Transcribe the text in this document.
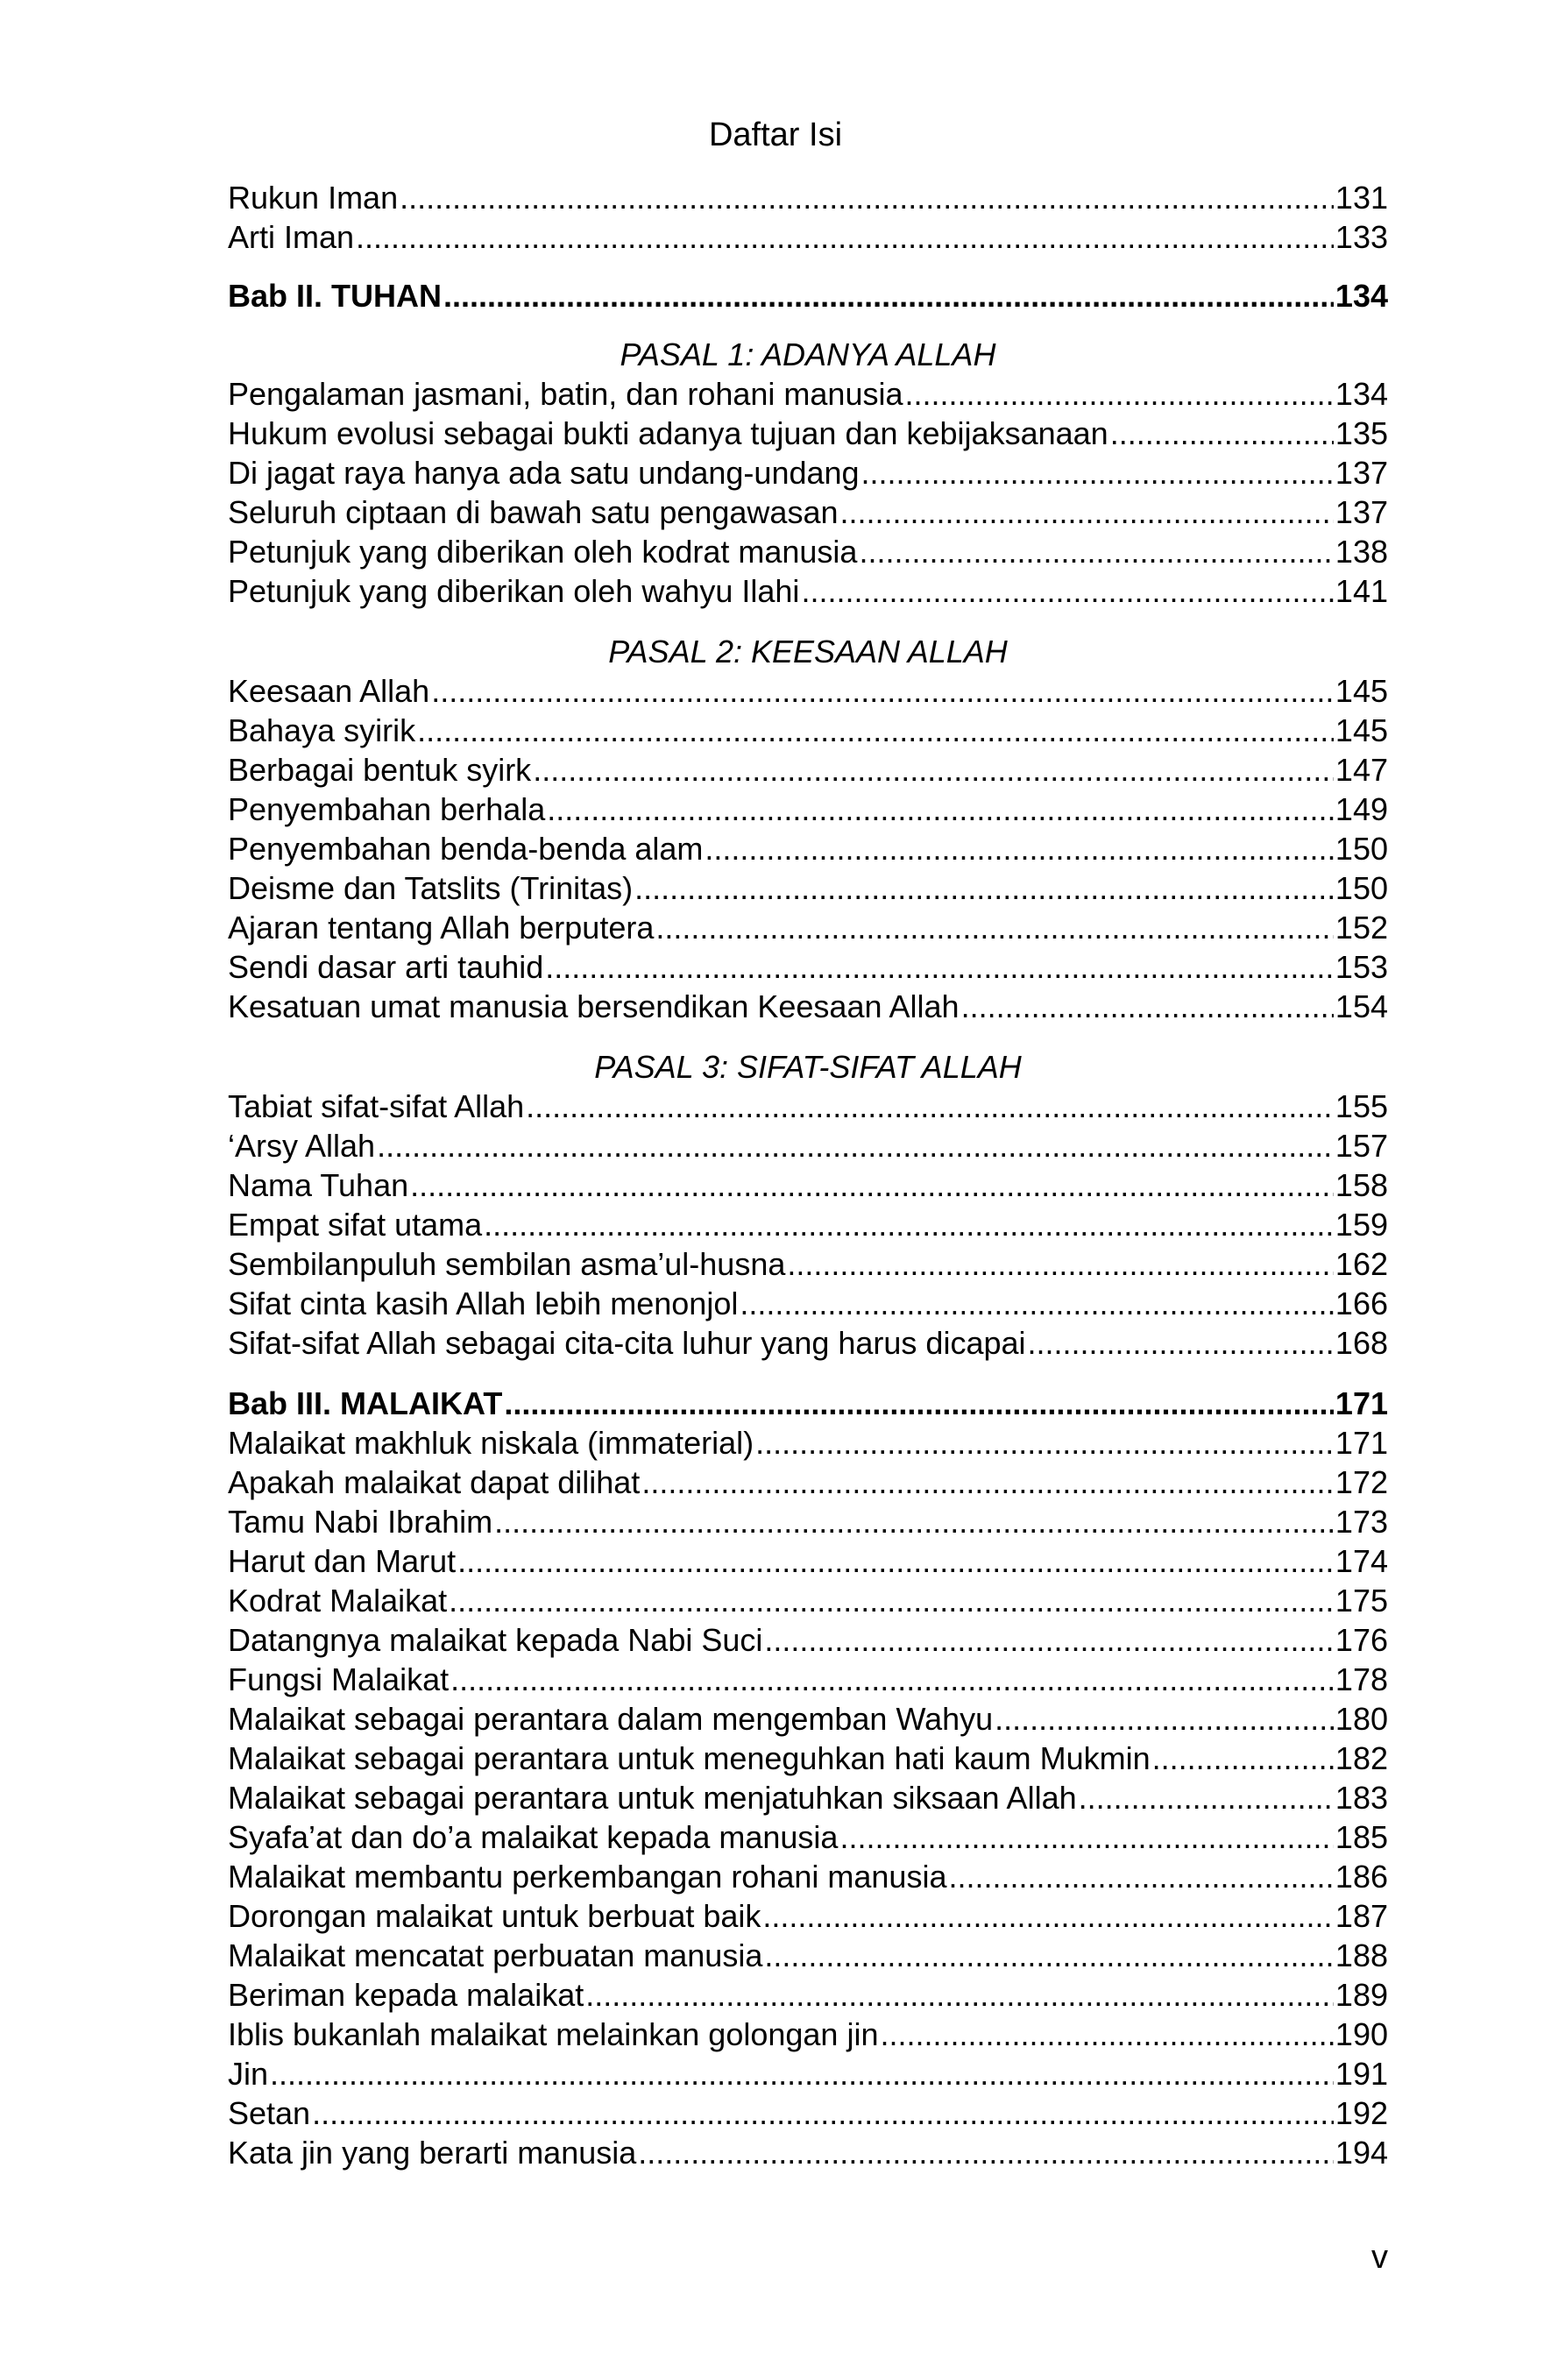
Daftar Isi
Rukun Iman .....	131
Arti Iman .....	133
Bab II. TUHAN .....	134
PASAL 1: ADANYA ALLAH
Pengalaman jasmani, batin, dan rohani manusia .....	134
Hukum evolusi sebagai bukti adanya tujuan dan kebijaksanaan .....	135
Di jagat raya hanya ada satu undang-undang .....	137
Seluruh ciptaan di bawah satu pengawasan .....	137
Petunjuk yang diberikan oleh kodrat manusia .....	138
Petunjuk yang diberikan oleh wahyu Ilahi .....	141
PASAL 2: KEESAAN ALLAH
Keesaan Allah .....	145
Bahaya syirik .....	145
Berbagai bentuk syirk .....	147
Penyembahan berhala .....	149
Penyembahan benda-benda alam .....	150
Deisme dan Tatslits (Trinitas) .....	150
Ajaran tentang Allah berputera .....	152
Sendi dasar arti tauhid .....	153
Kesatuan umat manusia bersendikan Keesaan Allah .....	154
PASAL 3: SIFAT-SIFAT ALLAH
Tabiat sifat-sifat Allah .....	155
‘Arsy Allah .....	157
Nama Tuhan .....	158
Empat sifat utama .....	159
Sembilanpuluh sembilan asma’ul-husna .....	162
Sifat cinta kasih Allah lebih menonjol .....	166
Sifat-sifat Allah sebagai cita-cita luhur yang harus dicapai .....	168
Bab III. MALAIKAT .....	171
Malaikat makhluk niskala (immaterial) .....	171
Apakah malaikat dapat dilihat .....	172
Tamu Nabi Ibrahim .....	173
Harut dan Marut .....	174
Kodrat Malaikat .....	175
Datangnya malaikat kepada Nabi Suci .....	176
Fungsi Malaikat .....	178
Malaikat sebagai perantara dalam mengemban Wahyu .....	180
Malaikat sebagai perantara untuk meneguhkan hati kaum Mukmin .....	182
Malaikat sebagai perantara untuk menjatuhkan siksaan Allah .....	183
Syafa’at dan do’a malaikat kepada manusia .....	185
Malaikat membantu perkembangan rohani manusia .....	186
Dorongan malaikat untuk berbuat baik .....	187
Malaikat mencatat perbuatan manusia .....	188
Beriman kepada malaikat .....	189
Iblis bukanlah malaikat melainkan golongan jin .....	190
Jin .....	191
Setan .....	192
Kata jin yang berarti manusia .....	194
v
